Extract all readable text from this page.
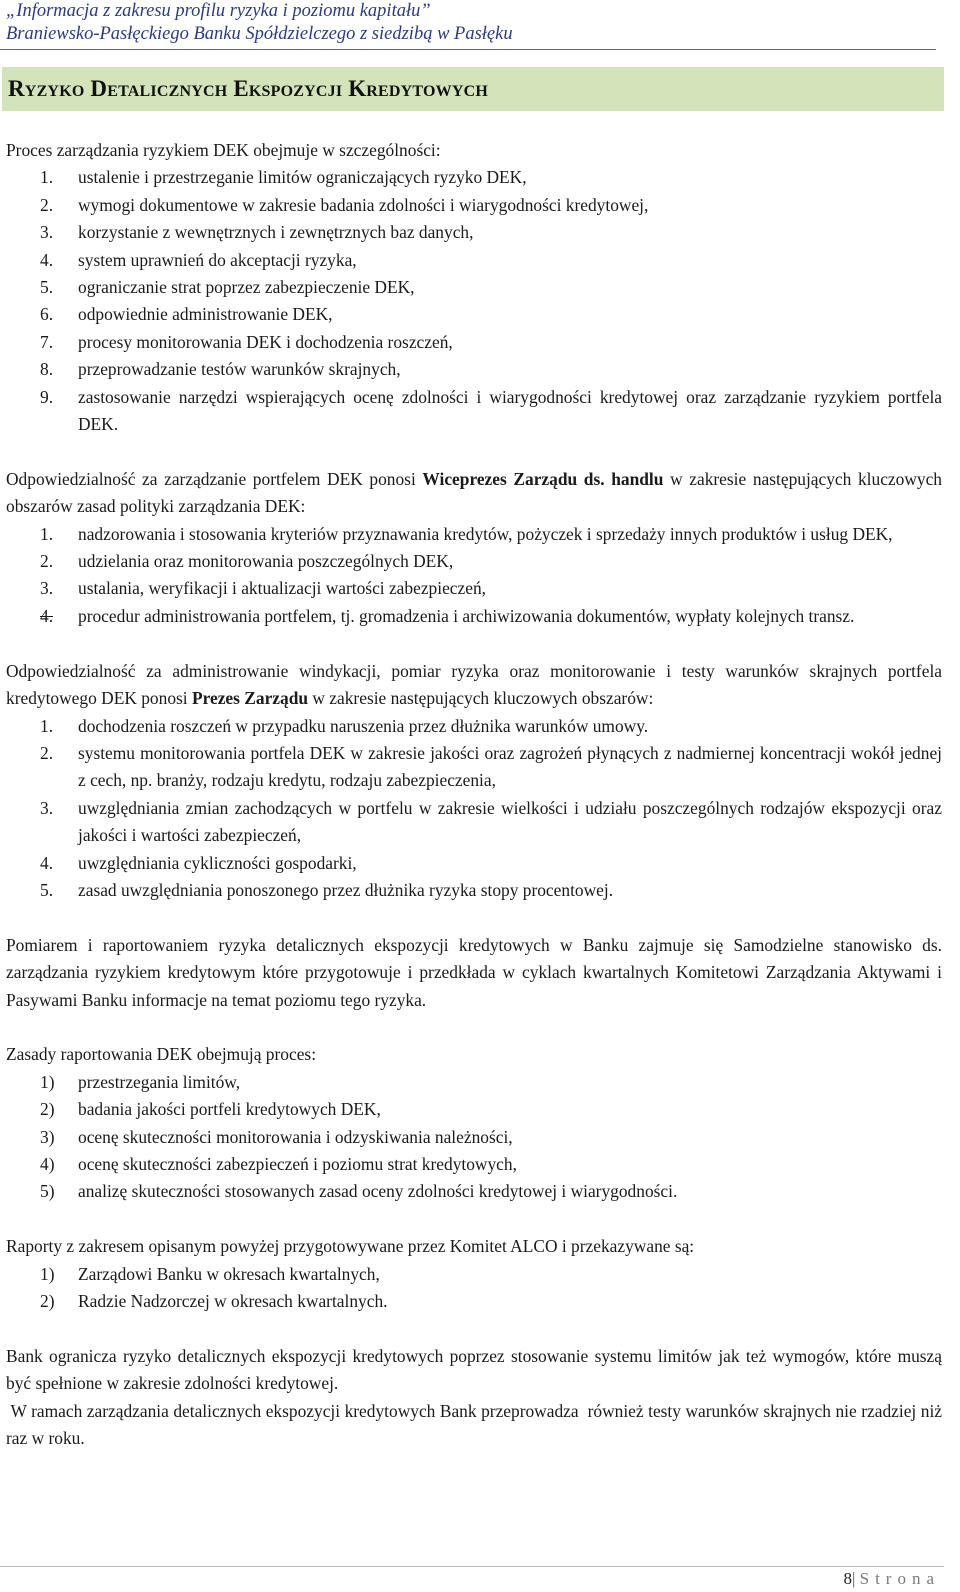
„Informacja z zakresu profilu ryzyka i poziomu kapitału”

Braniewsko-Pasłęckiego Banku Spółdzielczego z siedzibą w Pasłęku

Ryzyko Detalicznych Ekspozycji Kredytowych

Proces zarządzania ryzykiem DEK obejmuje w szczególności:

1. ustalenie i przestrzeganie limitów ograniczających ryzyko DEK,
2. wymogi dokumentowe w zakresie badania zdolności i wiarygodności kredytowej,
3. korzystanie z wewnętrznych i zewnętrznych baz danych,
4. system uprawnień do akceptacji ryzyka,
5. ograniczanie strat poprzez zabezpieczenie DEK,
6. odpowiednie administrowanie DEK,
7. procesy monitorowania DEK i dochodzenia roszczeń,
8. przeprowadzanie testów warunków skrajnych,
9. zastosowanie narzędzi wspierających ocenę zdolności i wiarygodności kredytowej oraz zarządzanie ryzykiem portfela DEK.

Odpowiedzialność za zarządzanie portfelem DEK ponosi Wiceprezes Zarządu ds. handlu w zakresie następujących kluczowych obszarów zasad polityki zarządzania DEK:

1. nadzorowania i stosowania kryteriów przyznawania kredytów, pożyczek i sprzedaży innych produktów i usług DEK,
2. udzielania oraz monitorowania poszczególnych DEK,
3. ustalania, weryfikacji i aktualizacji wartości zabezpieczeń,
4. procedur administrowania portfelem, tj. gromadzenia i archiwizowania dokumentów, wypłaty kolejnych transz.

Odpowiedzialność za administrowanie windykacji, pomiar ryzyka oraz monitorowanie i testy warunków skrajnych portfela kredytowego DEK ponosi Prezes Zarządu w zakresie następujących kluczowych obszarów:

1. dochodzenia roszczeń w przypadku naruszenia przez dłużnika warunków umowy.
2. systemu monitorowania portfela DEK w zakresie jakości oraz zagrożeń płynących z nadmiernej koncentracji wokół jednej z cech, np. branży, rodzaju kredytu, rodzaju zabezpieczenia,
3. uwzględniania zmian zachodzących w portfelu w zakresie wielkości i udziału poszczególnych rodzajów ekspozycji oraz jakości i wartości zabezpieczeń,
4. uwzględniania cykliczności gospodarki,
5. zasad uwzględniania ponoszonego przez dłużnika ryzyka stopy procentowej.

Pomiarem i raportowaniem ryzyka detalicznych ekspozycji kredytowych w Banku zajmuje się Samodzielne stanowisko ds. zarządzania ryzykiem kredytowym które przygotowuje i przedkłada w cyklach kwartalnych Komitetowi Zarządzania Aktywami i Pasywami Banku informacje na temat poziomu tego ryzyka.

Zasady raportowania DEK obejmują proces:

1) przestrzegania limitów,
2) badania jakości portfeli kredytowych DEK,
3) ocenę skuteczności monitorowania i odzyskiwania należności,
4) ocenę skuteczności zabezpieczeń i poziomu strat kredytowych,
5) analizę skuteczności stosowanych zasad oceny zdolności kredytowej i wiarygodności.

Raporty z zakresem opisanym powyżej przygotowywane przez Komitet ALCO i przekazywane są:

1) Zarządowi Banku w okresach kwartalnych,
2) Radzie Nadzorczej w okresach kwartalnych.

Bank ogranicza ryzyko detalicznych ekspozycji kredytowych poprzez stosowanie systemu limitów jak też wymogów, które muszą być spełnione w zakresie zdolności kredytowej.

W ramach zarządzania detalicznych ekspozycji kredytowych Bank przeprowadza  również testy warunków skrajnych nie rzadziej niż raz w roku.

8| Strona
